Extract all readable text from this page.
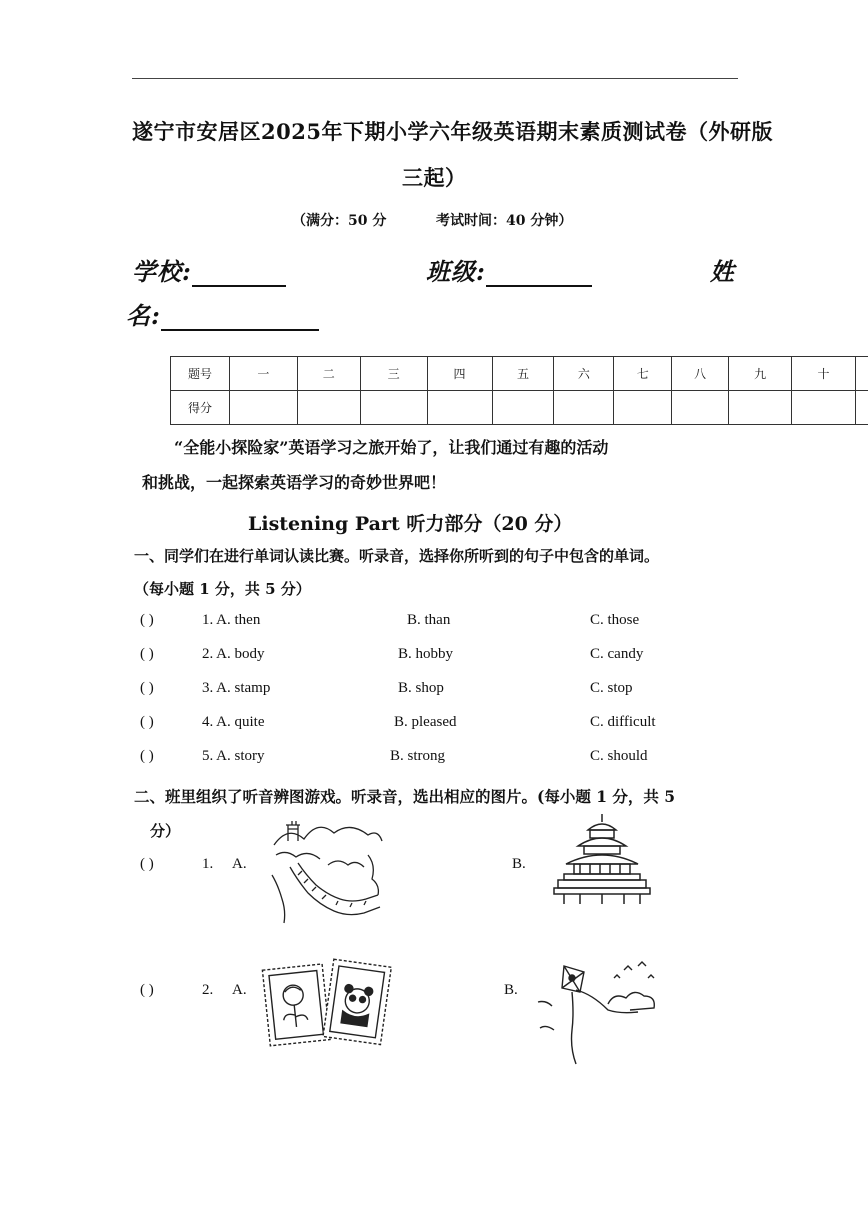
遂宁市安居区2025年下期小学六年级英语期末素质测试卷（外研版
三起）
（满分：50 分	考试时间：40 分钟）
学校:	班级:	姓
名:
题号	一	二	三	四	五	六	七	八	九	十	
得分											
“全能小探险家”英语学习之旅开始了，让我们通过有趣的活动
和挑战，一起探索英语学习的奇妙世界吧！
Listening Part 听力部分（20 分）
一、同学们在进行单词认读比赛。听录音，选择你所听到的句子中包含的单词。
（每小题 1 分，共 5 分）
( )	1. A. then	B. than	C. those
( )	2. A. body	B. hobby	C. candy
( )	3. A. stamp	B. shop	C. stop
( )	4. A. quite	B. pleased	C. difficult
( )	5. A. story	B. strong	C. should
二、班里组织了听音辨图游戏。听录音，选出相应的图片。(每小题 1 分，共 5
分）
( )	1. A.	B.
( )	2. A.	B.
